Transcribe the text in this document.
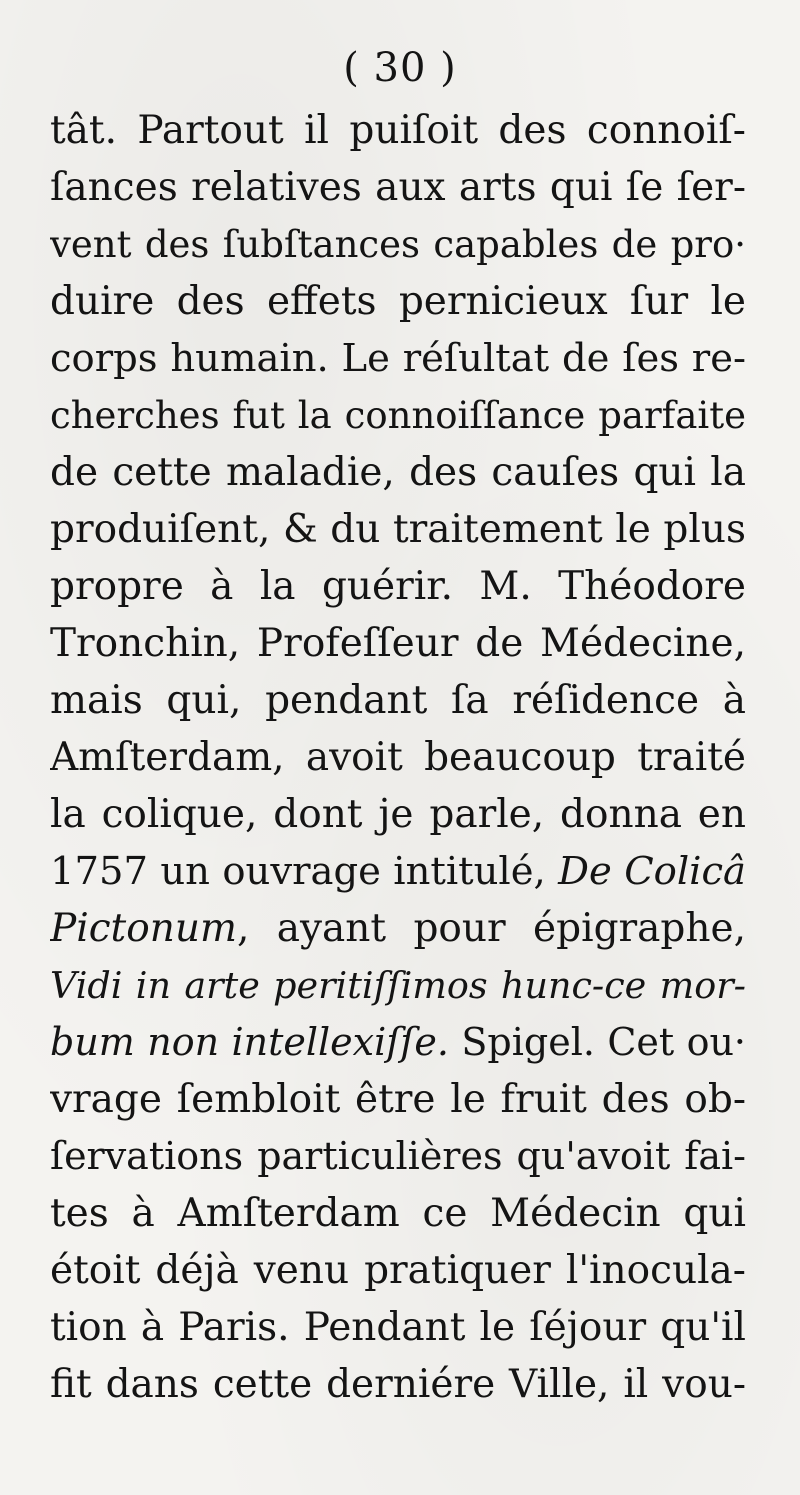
( 30 )
tât. Partout il puiſoit des connoiſ-
ſances relatives aux arts qui ſe ſer-
vent des ſubſtances capables de pro·
duire des effets pernicieux ſur le
corps humain. Le réſultat de ſes re-
cherches fut la connoiſſance parfaite
de cette maladie, des cauſes qui la
produiſent, & du traitement le plus
propre à la guérir. M. Théodore
Tronchin, Profeſſeur de Médecine,
mais qui, pendant ſa réſidence à
Amſterdam, avoit beaucoup traité
la colique, dont je parle, donna en
1757 un ouvrage intitulé, De Colicâ
Pictonum, ayant pour épigraphe,
Vidi in arte peritiſſimos hunc-ce mor-
bum non intellexiſſe. Spigel. Cet ou·
vrage ſembloit être le fruit des ob-
ſervations particulières qu'avoit fai-
tes à Amſterdam ce Médecin qui
étoit déjà venu pratiquer l'inocula-
tion à Paris. Pendant le ſéjour qu'il
fit dans cette derniére Ville, il vou-
